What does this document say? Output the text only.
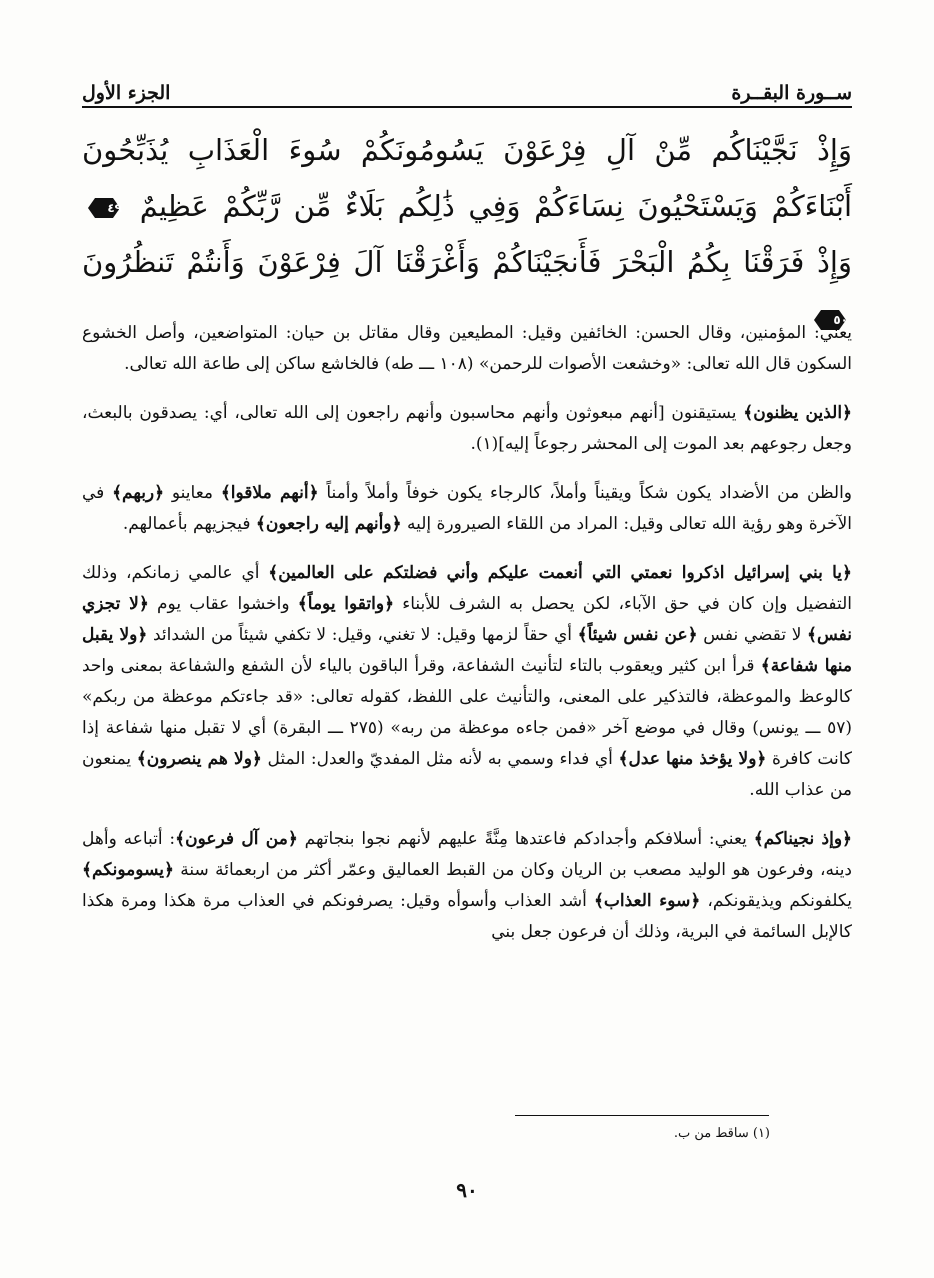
ســورة البقــرة
الجزء الأول
وَإِذْ نَجَّيْنَاكُم مِّنْ آلِ فِرْعَوْنَ يَسُومُونَكُمْ سُوءَ الْعَذَابِ يُذَبِّحُونَ أَبْنَاءَكُمْ وَيَسْتَحْيُونَ نِسَاءَكُمْ وَفِي ذَٰلِكُم بَلَاءٌ مِّن رَّبِّكُمْ عَظِيمٌ
٤٩
وَإِذْ فَرَقْنَا بِكُمُ الْبَحْرَ فَأَنجَيْنَاكُمْ وَأَغْرَقْنَا آلَ فِرْعَوْنَ وَأَنتُمْ تَنظُرُونَ
٥٠

يعني: المؤمنين، وقال الحسن: الخائفين وقيل: المطيعين وقال مقاتل بن حيان: المتواضعين، وأصل الخشوع السكون قال الله تعالى: «وخشعت الأصوات للرحمن» (١٠٨ ـــ طه) فالخاشع ساكن إلى طاعة الله تعالى.

﴿الذين يظنون﴾ يستيقنون [أنهم مبعوثون وأنهم محاسبون وأنهم راجعون إلى الله تعالى، أي: يصدقون بالبعث، وجعل رجوعهم بعد الموت إلى المحشر رجوعاً إليه](١).

والظن من الأضداد يكون شكاً ويقيناً وأملاً، كالرجاء يكون خوفاً وأملاً وأمناً ﴿أنهم ملاقوا﴾ معاينو ﴿ربهم﴾ في الآخرة وهو رؤية الله تعالى وقيل: المراد من اللقاء الصيرورة إليه ﴿وأنهم إليه راجعون﴾ فيجزيهم بأعمالهم.

﴿يا بني إسرائيل اذكروا نعمتي التي أنعمت عليكم وأني فضلتكم على العالمين﴾ أي عالمي زمانكم، وذلك التفضيل وإن كان في حق الآباء، لكن يحصل به الشرف للأبناء ﴿واتقوا يوماً﴾ واخشوا عقاب يوم ﴿لا تجزي نفس﴾ لا تقضي نفس ﴿عن نفس شيئاً﴾ أي حقاً لزمها وقيل: لا تغني، وقيل: لا تكفي شيئاً من الشدائد ﴿ولا يقبل منها شفاعة﴾ قرأ ابن كثير ويعقوب بالتاء لتأنيث الشفاعة، وقرأ الباقون بالياء لأن الشفع والشفاعة بمعنى واحد كالوعظ والموعظة، فالتذكير على المعنى، والتأنيث على اللفظ، كقوله تعالى: «قد جاءتكم موعظة من ربكم» (٥٧ ـــ يونس) وقال في موضع آخر «فمن جاءه موعظة من ربه» (٢٧٥ ـــ البقرة) أي لا تقبل منها شفاعة إذا كانت كافرة ﴿ولا يؤخذ منها عدل﴾ أي فداء وسمي به لأنه مثل المفديّ والعدل: المثل ﴿ولا هم ينصرون﴾ يمنعون من عذاب الله.

﴿وإذ نجيناكم﴾ يعني: أسلافكم وأجدادكم فاعتدها مِنَّةً عليهم لأنهم نجوا بنجاتهم ﴿من آل فرعون﴾: أتباعه وأهل دينه، وفرعون هو الوليد مصعب بن الريان وكان من القبط العماليق وعمّر أكثر من اربعمائة سنة ﴿يسومونكم﴾ يكلفونكم ويذيقونكم، ﴿سوء العذاب﴾ أشد العذاب وأسوأه وقيل: يصرفونكم في العذاب مرة هكذا ومرة هكذا كالإبل السائمة في البرية، وذلك أن فرعون جعل بني

(١) ساقط من ب.
٩٠
